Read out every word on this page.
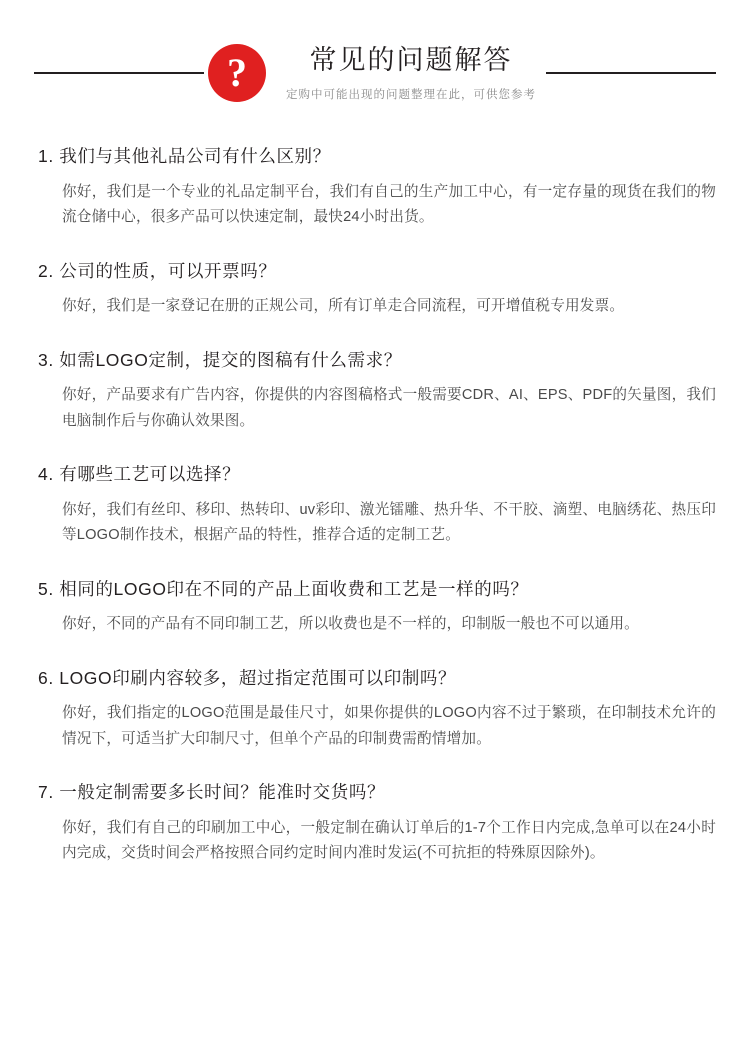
?	常见的问题解答
定购中可能出现的问题整理在此，可供您参考
1. 我们与其他礼品公司有什么区别？
你好，我们是一个专业的礼品定制平台，我们有自己的生产加工中心，有一定存量的现货在我们的物流仓储中心，很多产品可以快速定制，最快24小时出货。
2. 公司的性质，可以开票吗？
你好，我们是一家登记在册的正规公司，所有订单走合同流程，可开增值税专用发票。
3. 如需LOGO定制，提交的图稿有什么需求？
你好，产品要求有广告内容，你提供的内容图稿格式一般需要CDR、AI、EPS、PDF的矢量图，我们电脑制作后与你确认效果图。
4. 有哪些工艺可以选择？
你好，我们有丝印、移印、热转印、uv彩印、激光镭雕、热升华、不干胶、滴塑、电脑绣花、热压印等LOGO制作技术，根据产品的特性，推荐合适的定制工艺。
5. 相同的LOGO印在不同的产品上面收费和工艺是一样的吗？
你好，不同的产品有不同印制工艺，所以收费也是不一样的，印制版一般也不可以通用。
6. LOGO印刷内容较多，超过指定范围可以印制吗？
你好，我们指定的LOGO范围是最佳尺寸，如果你提供的LOGO内容不过于繁琐，在印制技术允许的情况下，可适当扩大印制尺寸，但单个产品的印制费需酌情增加。
7. 一般定制需要多长时间？能准时交货吗？
你好，我们有自己的印刷加工中心，一般定制在确认订单后的1-7个工作日内完成,急单可以在24小时内完成，交货时间会严格按照合同约定时间内准时发运(不可抗拒的特殊原因除外)。
